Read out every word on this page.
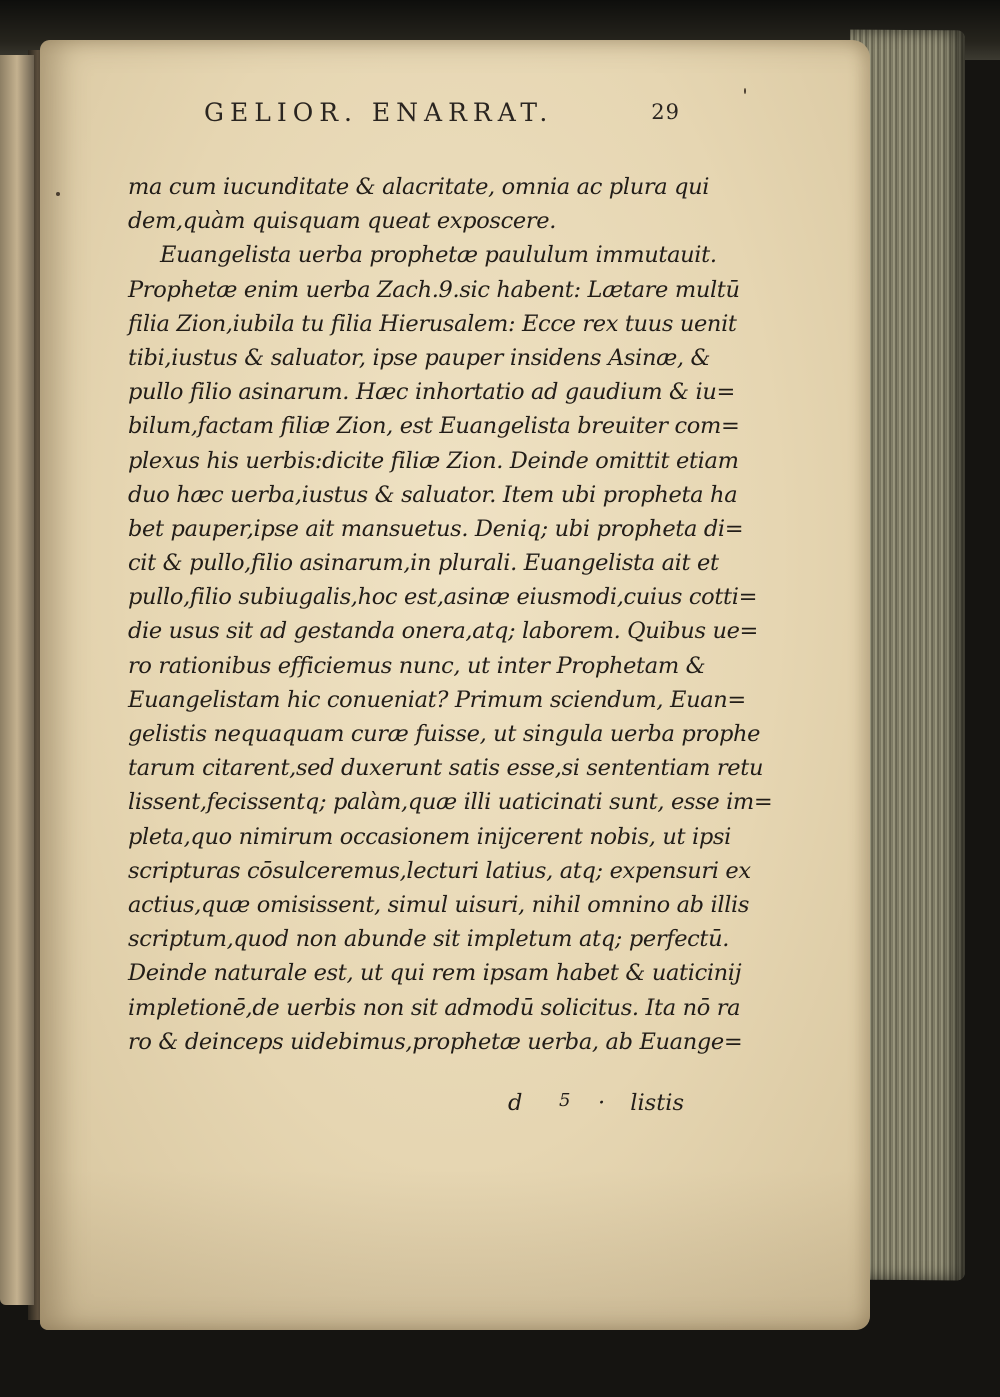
GELIOR. ENARRAT.	29
ma cum iucunditate & alacritate, omnia ac plura qui
dem,quàm quisquam queat exposcere.
Euangelista uerba prophetæ paululum immutauit.
Prophetæ enim uerba Zach.9.sic habent: Lætare multū
filia Zion,iubila tu filia Hierusalem: Ecce rex tuus uenit
tibi,iustus & saluator, ipse pauper insidens Asinæ, &
pullo filio asinarum. Hæc inhortatio ad gaudium & iu=
bilum,factam filiæ Zion, est Euangelista breuiter com=
plexus his uerbis:dicite filiæ Zion. Deinde omittit etiam
duo hæc uerba,iustus & saluator. Item ubi propheta ha
bet pauper,ipse ait mansuetus. Deniq; ubi propheta di=
cit & pullo,filio asinarum,in plurali. Euangelista ait et
pullo,filio subiugalis,hoc est,asinæ eiusmodi,cuius cotti=
die usus sit ad gestanda onera,atq; laborem. Quibus ue=
ro rationibus efficiemus nunc, ut inter Prophetam &
Euangelistam hic conueniat? Primum sciendum, Euan=
gelistis nequaquam curæ fuisse, ut singula uerba prophe
tarum citarent,sed duxerunt satis esse,si sententiam retu
lissent,fecissentq; palàm,quæ illi uaticinati sunt, esse im=
pleta,quo nimirum occasionem inijcerent nobis, ut ipsi
scripturas cōsulceremus,lecturi latius, atq; expensuri ex
actius,quæ omisissent, simul uisuri, nihil omnino ab illis
scriptum,quod non abunde sit impletum atq; perfectū.
Deinde naturale est, ut qui rem ipsam habet & uaticinij
impletionē,de uerbis non sit admodū solicitus. Ita nō ra
ro & deinceps uidebimus,prophetæ uerba, ab Euange=
d 5 · listis
